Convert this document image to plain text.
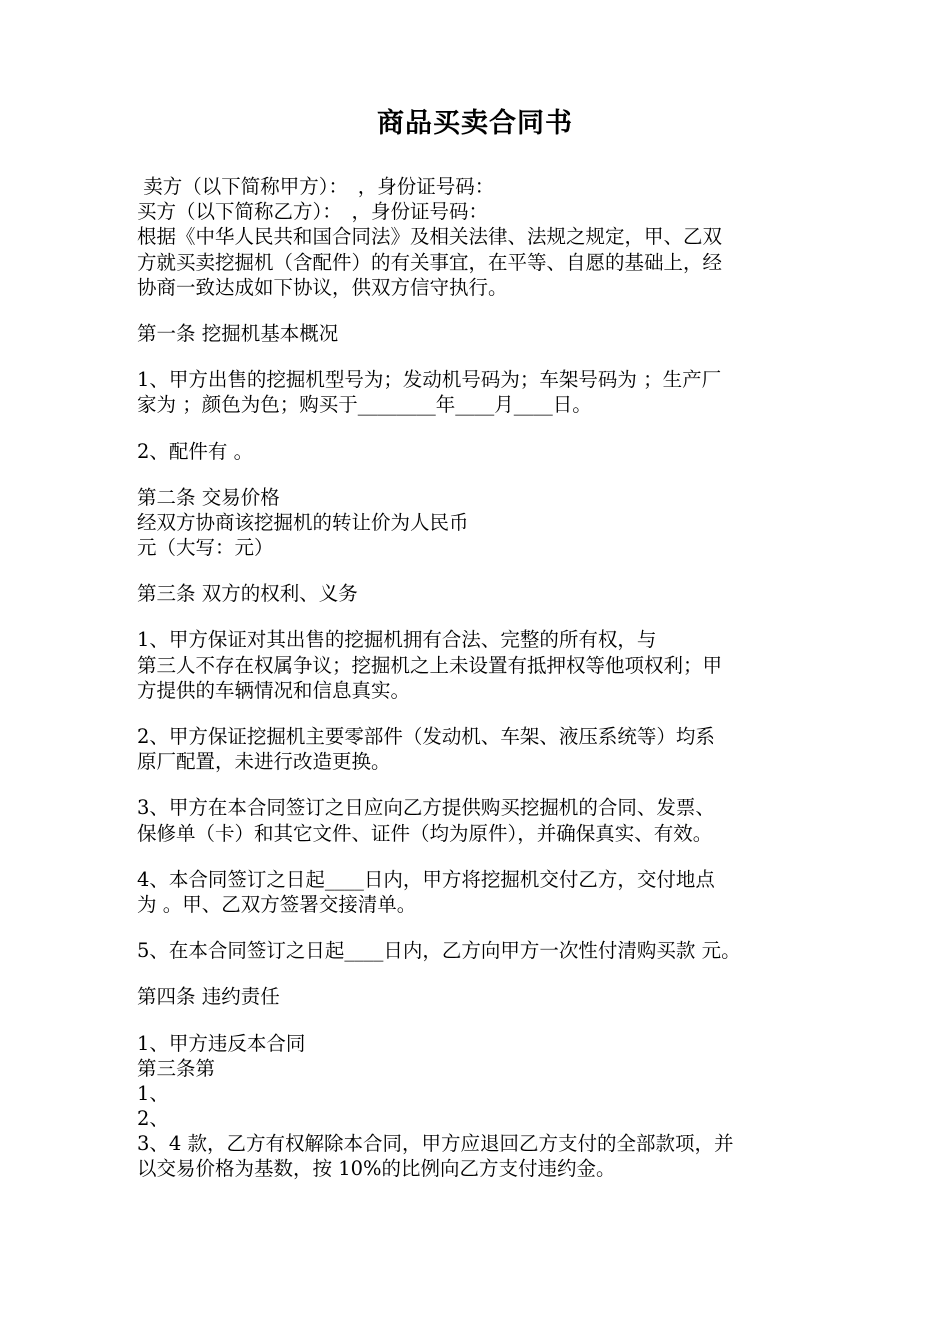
商品买卖合同书
卖方（以下简称甲方）：　，身份证号码：
买方（以下简称乙方）：　，身份证号码：
根据《中华人民共和国合同法》及相关法律、法规之规定，甲、乙双
方就买卖挖掘机（含配件）的有关事宜，在平等、自愿的基础上，经
协商一致达成如下协议，供双方信守执行。
第一条 挖掘机基本概况
1、甲方出售的挖掘机型号为；发动机号码为；车架号码为 ；生产厂
家为 ；颜色为色；购买于________年____月____日。
2、配件有 。
第二条 交易价格
经双方协商该挖掘机的转让价为人民币
元（大写：元）
第三条 双方的权利、义务
1、甲方保证对其出售的挖掘机拥有合法、完整的所有权，与
第三人不存在权属争议；挖掘机之上未设置有抵押权等他项权利；甲
方提供的车辆情况和信息真实。
2、甲方保证挖掘机主要零部件（发动机、车架、液压系统等）均系
原厂配置，未进行改造更换。
3、甲方在本合同签订之日应向乙方提供购买挖掘机的合同、发票、
保修单（卡）和其它文件、证件（均为原件），并确保真实、有效。
4、本合同签订之日起____日内，甲方将挖掘机交付乙方，交付地点
为 。甲、乙双方签署交接清单。
5、在本合同签订之日起____日内，乙方向甲方一次性付清购买款 元。
第四条 违约责任
1、甲方违反本合同
第三条第
1、
2、
3、4 款，乙方有权解除本合同，甲方应退回乙方支付的全部款项，并
以交易价格为基数，按 10%的比例向乙方支付违约金。
